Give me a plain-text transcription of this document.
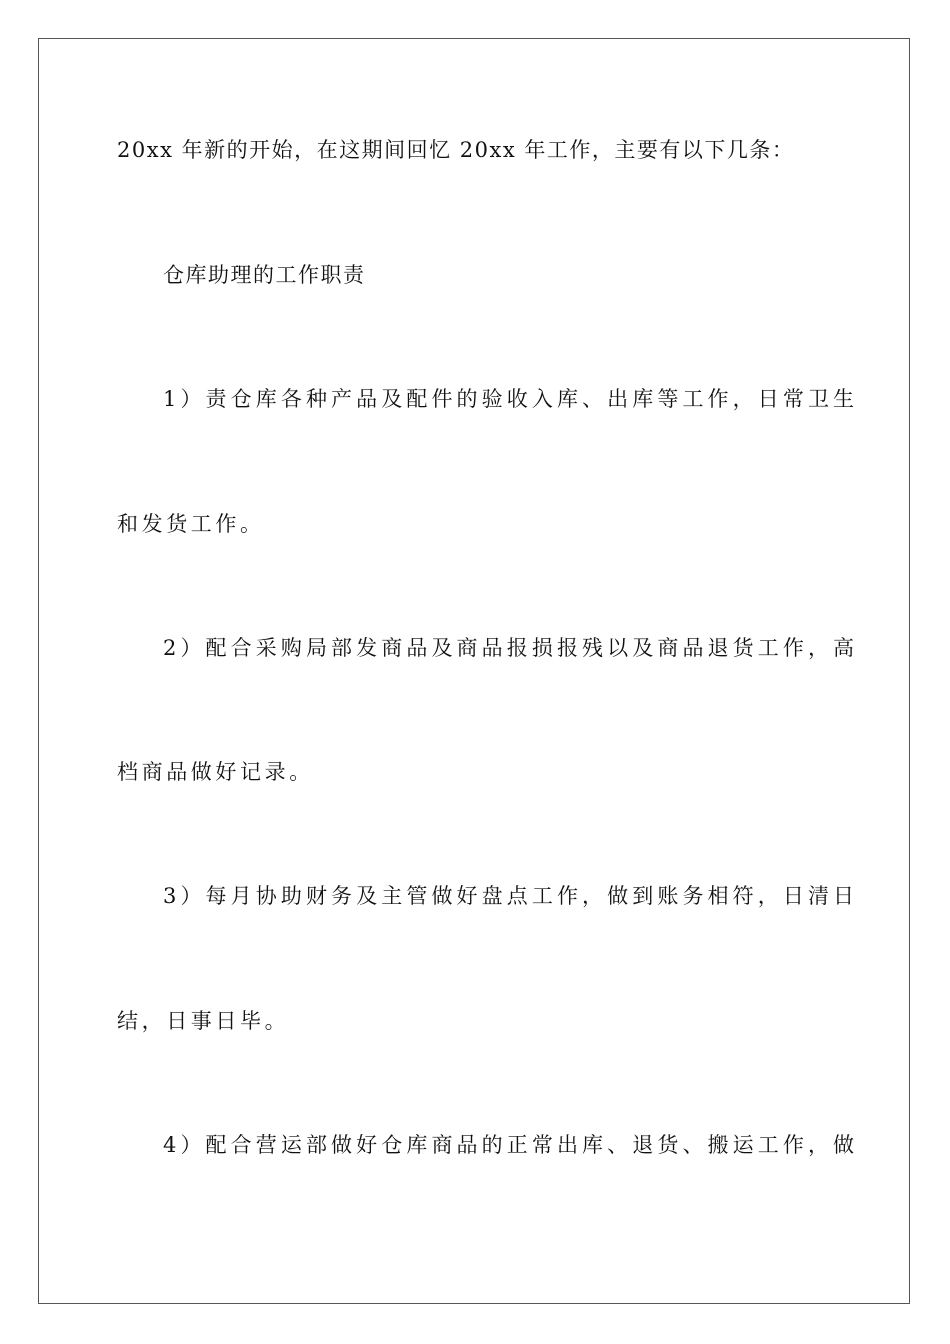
20xx 年新的开始，在这期间回忆 20xx 年工作，主要有以下几条：
仓库助理的工作职责
1）责仓库各种产品及配件的验收入库、出库等工作，日常卫生
和发货工作。
2）配合采购局部发商品及商品报损报残以及商品退货工作，高
档商品做好记录。
3）每月协助财务及主管做好盘点工作，做到账务相符，日清日
结，日事日毕。
4）配合营运部做好仓库商品的正常出库、退货、搬运工作，做
